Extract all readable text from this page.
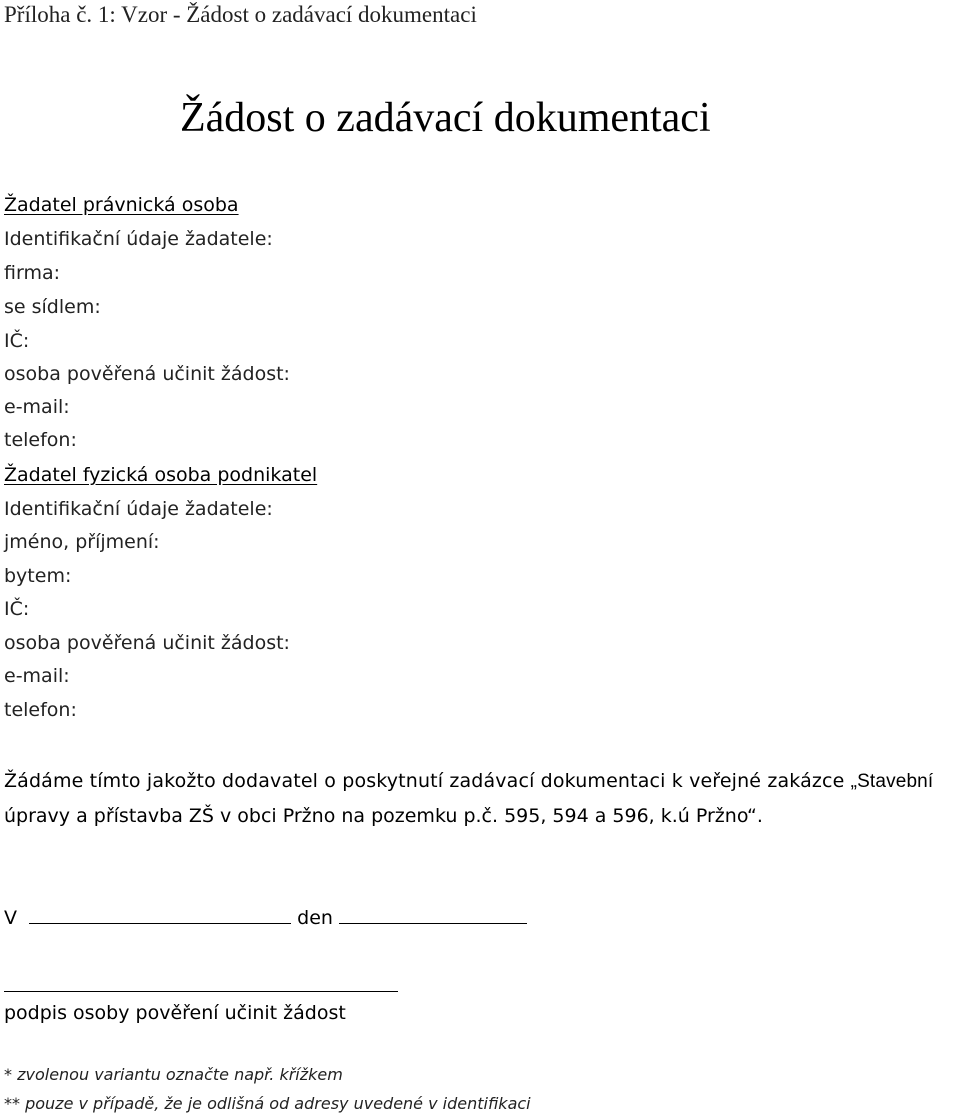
Příloha č. 1: Vzor - Žádost o zadávací dokumentaci
Žádost o zadávací dokumentaci
Žadatel právnická osoba
Identifikační údaje žadatele:
firma:
se sídlem:
IČ:
osoba pověřená učinit žádost:
e-mail:
telefon:
Žadatel fyzická osoba podnikatel
Identifikační údaje žadatele:
jméno, příjmení:
bytem:
IČ:
osoba pověřená učinit žádost:
e-mail:
telefon:
Žádáme tímto jakožto dodavatel o poskytnutí zadávací dokumentaci k veřejné zakázce „Stavební
úpravy a přístavba ZŠ v obci Pržno na pozemku p.č. 595, 594 a 596, k.ú Pržno“.
V	den
podpis osoby pověření učinit žádost
* zvolenou variantu označte např. křížkem
** pouze v případě, že je odlišná od adresy uvedené v identifikaci
